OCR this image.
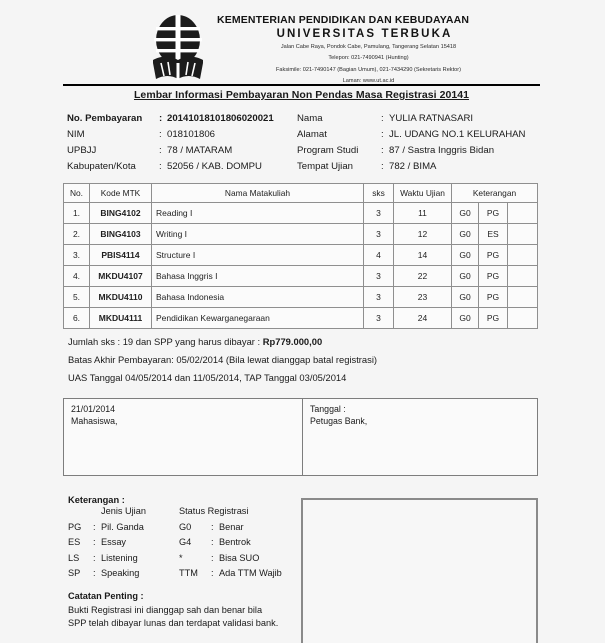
KEMENTERIAN PENDIDIKAN DAN KEBUDAYAAN
UNIVERSITAS TERBUKA
Jalan Cabe Raya, Pondok Cabe, Pamulang, Tangerang Selatan 15418
Telepon: 021-7490941 (Hunting)
Faksimile: 021-7490147 (Bagian Umum), 021-7434290 (Sekretaris Rektor)
Laman: www.ut.ac.id
Lembar Informasi Pembayaran Non Pendas Masa Registrasi 20141
No. Pembayaran	: 20141018101806020021	Nama	: YULIA RATNASARI
NIM	: 018101806	Alamat	: JL. UDANG NO.1 KELURAHAN
UPBJJ	: 78 / MATARAM	Program Studi	: 87 / Sastra Inggris Bidan
Kabupaten/Kota	: 52056 / KAB. DOMPU	Tempat Ujian	: 782 / BIMA
No.	Kode MTK	Nama Matakuliah	sks	Waktu Ujian	Keterangan		
1.	BING4102	Reading I	3	11	G0	PG	
2.	BING4103	Writing I	3	12	G0	ES	
3.	PBIS4114	Structure I	4	14	G0	PG	
4.	MKDU4107	Bahasa Inggris I	3	22	G0	PG	
5.	MKDU4110	Bahasa Indonesia	3	23	G0	PG	
6.	MKDU4111	Pendidikan Kewarganegaraan	3	24	G0	PG	
Jumlah sks : 19 dan SPP yang harus dibayar : Rp779.000,00
Batas Akhir Pembayaran: 05/02/2014 (Bila lewat dianggap batal registrasi)
UAS Tanggal 04/05/2014 dan 11/05/2014, TAP Tanggal 03/05/2014
21/01/2014
Mahasiswa,
Tanggal :
Petugas Bank,
Keterangan :
		Jenis Ujian	Status Registrasi		
PG	:	Pil. Ganda	G0	:	Benar
ES	:	Essay	G4	:	Bentrok
LS	:	Listening	*	:	Bisa SUO
SP	:	Speaking	TTM	:	Ada TTM Wajib
Catatan Penting :
Bukti Registrasi ini dianggap sah dan benar bila
SPP telah dibayar lunas dan terdapat validasi bank.
